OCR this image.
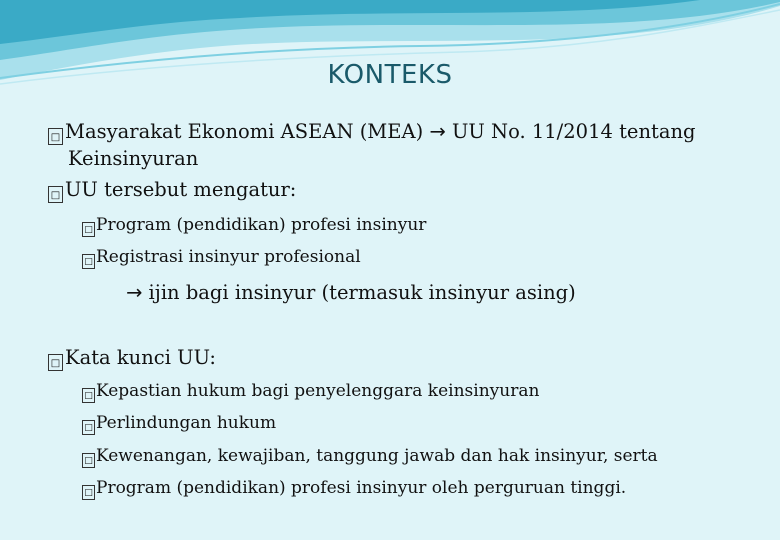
KONTEKS
□ Masyarakat Ekonomi ASEAN (MEA) → UU No. 11/2014 tentang
Keinsinyuran
□ UU tersebut mengatur:
□ Program (pendidikan) profesi insinyur
□ Registrasi insinyur profesional
→ ijin bagi insinyur (termasuk insinyur asing)
□ Kata kunci UU:
□ Kepastian hukum bagi penyelenggara keinsinyuran
□ Perlindungan hukum
□ Kewenangan, kewajiban, tanggung jawab dan hak insinyur, serta
□ Program (pendidikan) profesi insinyur oleh perguruan tinggi.
